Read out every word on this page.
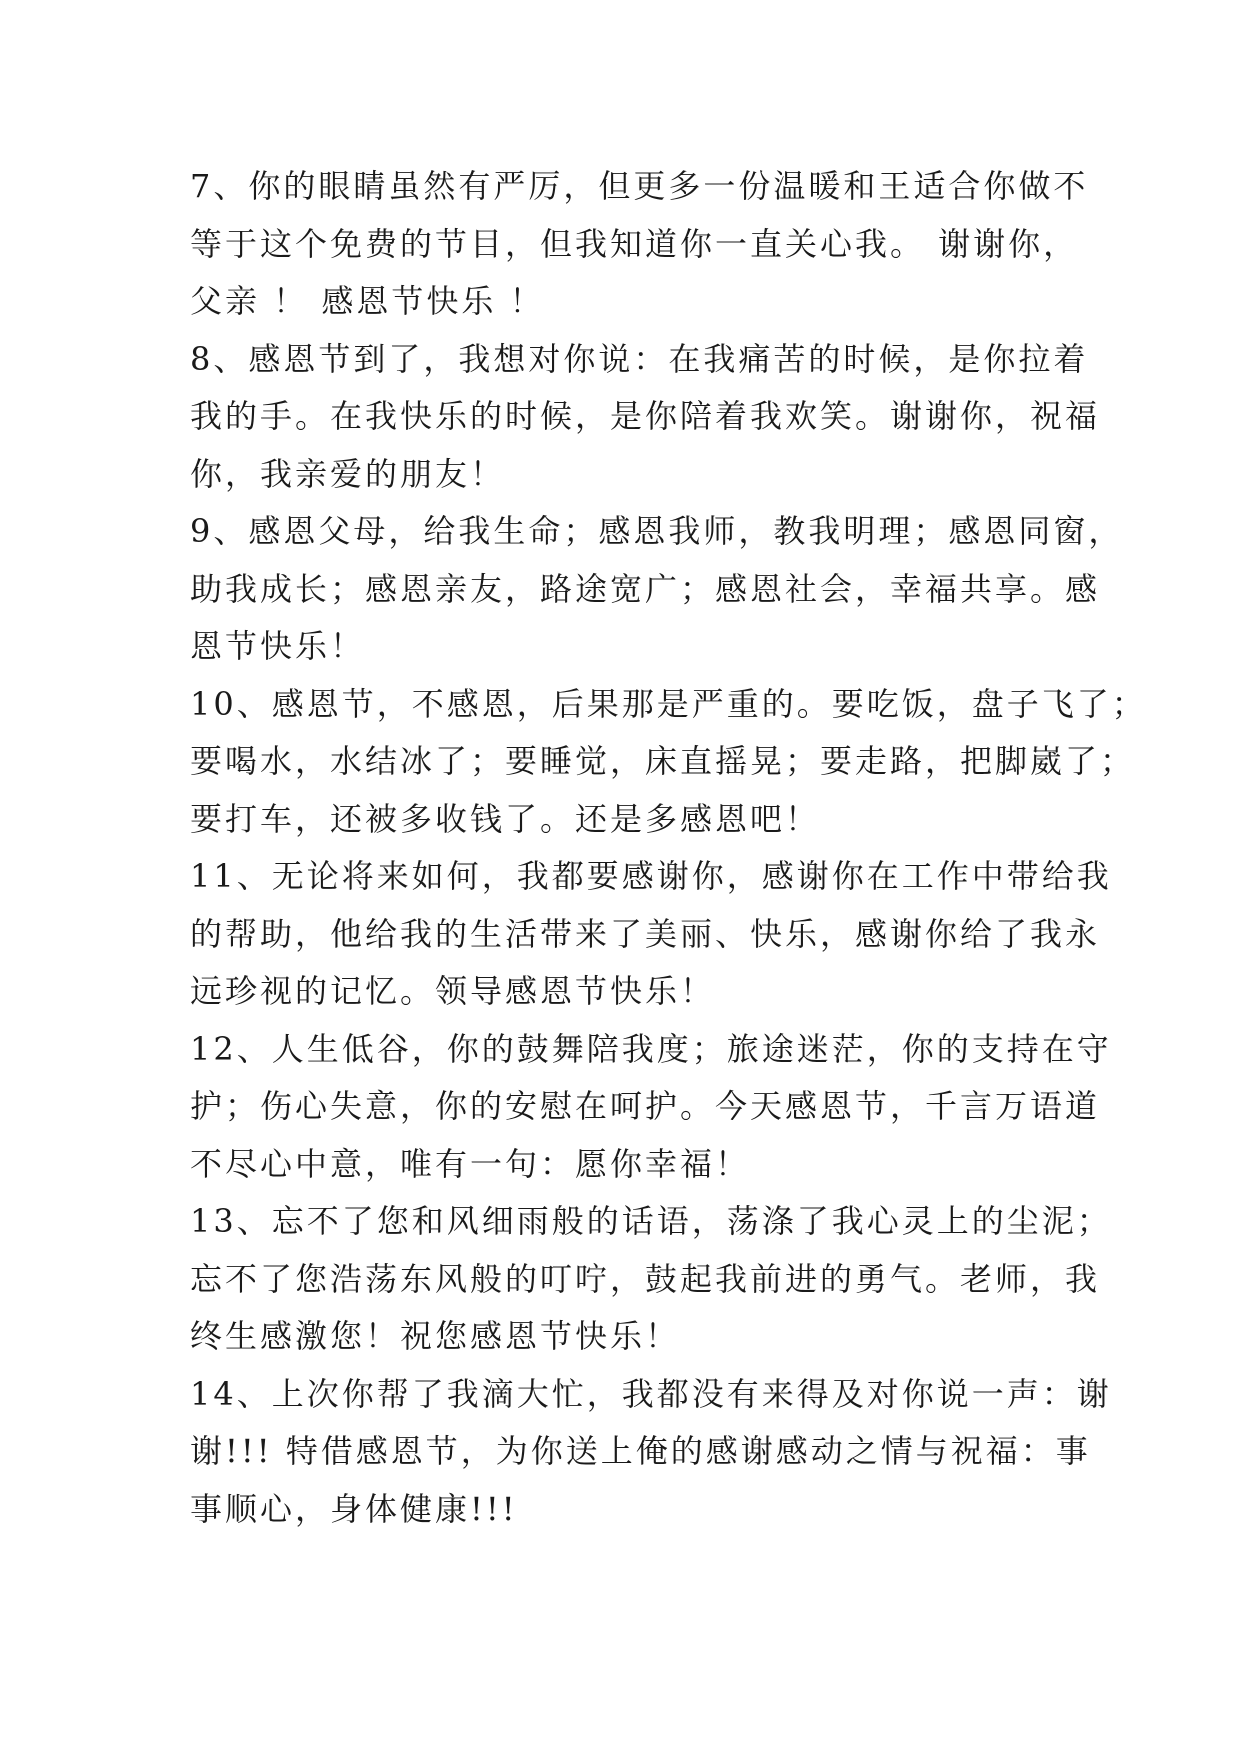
7、你的眼睛虽然有严厉，但更多一份温暖和王适合你做不
等于这个免费的节目，但我知道你一直关心我。 谢谢你，
父亲 ！ 感恩节快乐 ！
8、感恩节到了，我想对你说：在我痛苦的时候，是你拉着
我的手。在我快乐的时候，是你陪着我欢笑。谢谢你，祝福
你，我亲爱的朋友！
9、感恩父母，给我生命；感恩我师，教我明理；感恩同窗，
助我成长；感恩亲友，路途宽广；感恩社会，幸福共享。感
恩节快乐！
10、感恩节，不感恩，后果那是严重的。要吃饭，盘子飞了；
要喝水，水结冰了；要睡觉，床直摇晃；要走路，把脚崴了；
要打车，还被多收钱了。还是多感恩吧！
11、无论将来如何，我都要感谢你，感谢你在工作中带给我
的帮助，他给我的生活带来了美丽、快乐，感谢你给了我永
远珍视的记忆。领导感恩节快乐！
12、人生低谷，你的鼓舞陪我度；旅途迷茫，你的支持在守
护；伤心失意，你的安慰在呵护。今天感恩节，千言万语道
不尽心中意，唯有一句：愿你幸福！
13、忘不了您和风细雨般的话语，荡涤了我心灵上的尘泥；
忘不了您浩荡东风般的叮咛，鼓起我前进的勇气。老师，我
终生感激您！祝您感恩节快乐！
14、上次你帮了我滴大忙，我都没有来得及对你说一声：谢
谢!!! 特借感恩节，为你送上俺的感谢感动之情与祝福：事
事顺心，身体健康!!!
